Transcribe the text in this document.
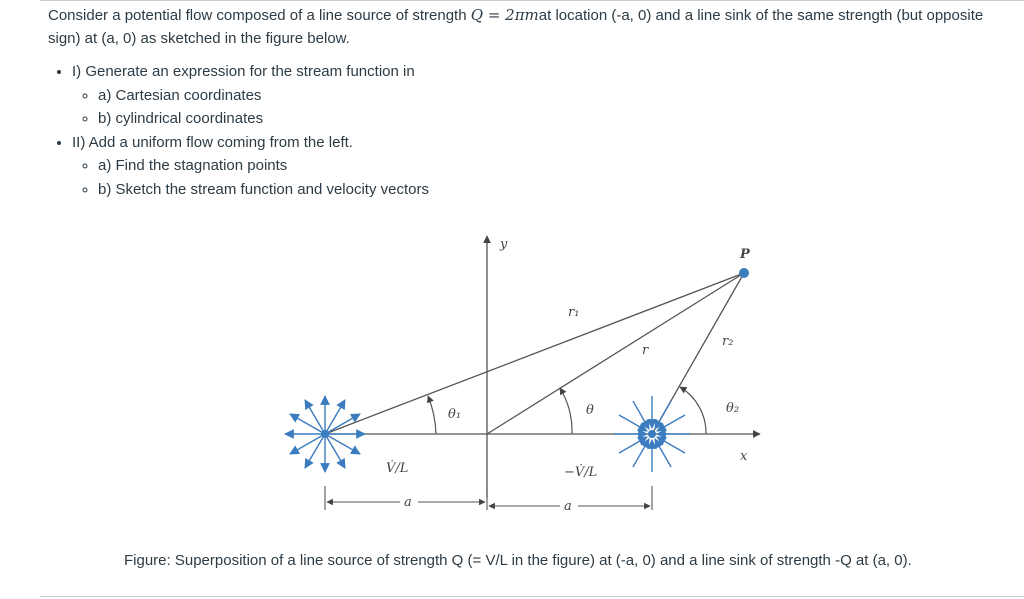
Consider a potential flow composed of a line source of strength Q = 2πmat location (-a, 0) and a line sink of the same strength (but opposite sign) at (a, 0) as sketched in the figure below.

• I) Generate an expression for the stream function in
◦ a) Cartesian coordinates
◦ b) cylindrical coordinates
• II) Add a uniform flow coming from the left.
◦ a) Find the stagnation points
◦ b) Sketch the stream function and velocity vectors
y
x
P
r₁
r
r₂
θ₁	θ	θ₂
V̇/L	−V̇/L
a	a

Figure: Superposition of a line source of strength Q (= V/L in the figure) at (-a, 0) and a line sink of strength -Q at (a, 0).
